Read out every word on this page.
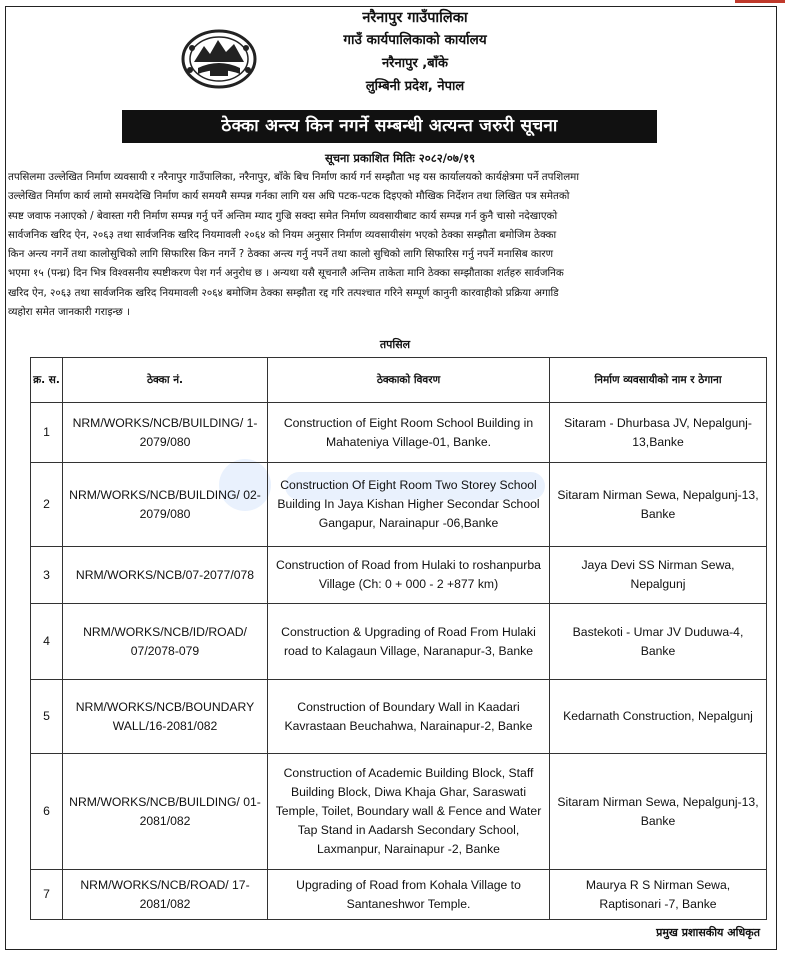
नरैनापुर गाउँपालिका
गाउँ कार्यपालिकाको कार्यालय
नरैनापुर ,बाँके
लुम्बिनी प्रदेश, नेपाल
ठेक्का अन्त्य किन नगर्ने सम्बन्धी अत्यन्त जरुरी सूचना
सूचना प्रकाशित मितिः २०८२/०७/१९
तपसिलमा उल्लेखित निर्माण व्यवसायी र नरैनापुर गाउँपालिका, नरैनापुर, बाँके बिच निर्माण कार्य गर्न सम्झौता भइ यस कार्यालयको कार्यक्षेत्रमा पर्ने तपशिलमा
उल्लेखित निर्माण कार्य लामो समयदेखि निर्माण कार्य समयमै सम्पन्न गर्नका लागि यस अघि पटक-पटक दिइएको मौखिक निर्देशन तथा लिखित पत्र समेतको
स्पष्ट जवाफ नआएको / बेवास्ता गरी निर्माण सम्पन्न गर्नु पर्ने अन्तिम म्याद गुज्रि सक्दा समेत निर्माण व्यवसायीबाट कार्य सम्पन्न गर्न कुनै चासो नदेखाएको
सार्वजनिक खरिद ऐन, २०६३ तथा सार्वजनिक खरिद नियमावली २०६४ को नियम अनुसार निर्माण व्यवसायीसंग भएको ठेक्का सम्झौता बमोजिम ठेक्का
किन अन्त्य नगर्ने तथा कालोसुचिको लागि सिफारिस किन नगर्ने ? ठेक्का अन्त्य गर्नु नपर्ने तथा कालो सुचिको लागि सिफारिस गर्नु नपर्ने मनासिब कारण
भएमा १५ (पन्ध्र) दिन भित्र विश्वसनीय स्पष्टीकरण पेश गर्न अनुरोध छ । अन्यथा यसै सूचनालै अन्तिम ताकेता मानि ठेक्का सम्झौताका शर्तहरु सार्वजनिक
खरिद ऐन, २०६३ तथा सार्वजनिक खरिद नियमावली २०६४ बमोजिम ठेक्का सम्झौता रद्द गरि तत्पश्चात गरिने सम्पूर्ण कानुनी कारवाहीको प्रक्रिया अगाडि
व्यहोरा समेत जानकारी गराइन्छ ।
तपसिल
क्र. स.	ठेक्का नं.	ठेक्काको विवरण	निर्माण व्यवसायीको नाम र ठेगाना
1	NRM/WORKS/NCB/BUILDING/ 1-2079/080	Construction of Eight Room School Building in Mahateniya Village-01, Banke.	Sitaram - Dhurbasa JV, Nepalgunj-13,Banke
2	NRM/WORKS/NCB/BUILDING/ 02-2079/080	Construction Of Eight Room Two Storey School Building In Jaya Kishan Higher Secondar School Gangapur, Narainapur -06,Banke	Sitaram Nirman Sewa, Nepalgunj-13, Banke
3	NRM/WORKS/NCB/07-2077/078	Construction of Road from Hulaki to roshanpurba Village (Ch: 0 + 000 - 2 +877 km)	Jaya Devi SS Nirman Sewa, Nepalgunj
4	NRM/WORKS/NCB/ID/ROAD/ 07/2078-079	Construction & Upgrading of Road From Hulaki road to Kalagaun Village, Naranapur-3, Banke	Bastekoti - Umar JV Duduwa-4, Banke
5	NRM/WORKS/NCB/BOUNDARY WALL/16-2081/082	Construction of Boundary Wall in Kaadari Kavrastaan Beuchahwa, Narainapur-2, Banke	Kedarnath Construction, Nepalgunj
6	NRM/WORKS/NCB/BUILDING/ 01-2081/082	Construction of Academic Building Block, Staff Building Block, Diwa Khaja Ghar, Saraswati Temple, Toilet, Boundary wall & Fence and Water Tap Stand in Aadarsh Secondary School, Laxmanpur, Narainapur -2, Banke	Sitaram Nirman Sewa, Nepalgunj-13, Banke
7	NRM/WORKS/NCB/ROAD/ 17-2081/082	Upgrading of Road from Kohala Village to Santaneshwor Temple.	Maurya R S Nirman Sewa, Raptisonari -7, Banke
प्रमुख प्रशासकीय अधिकृत
